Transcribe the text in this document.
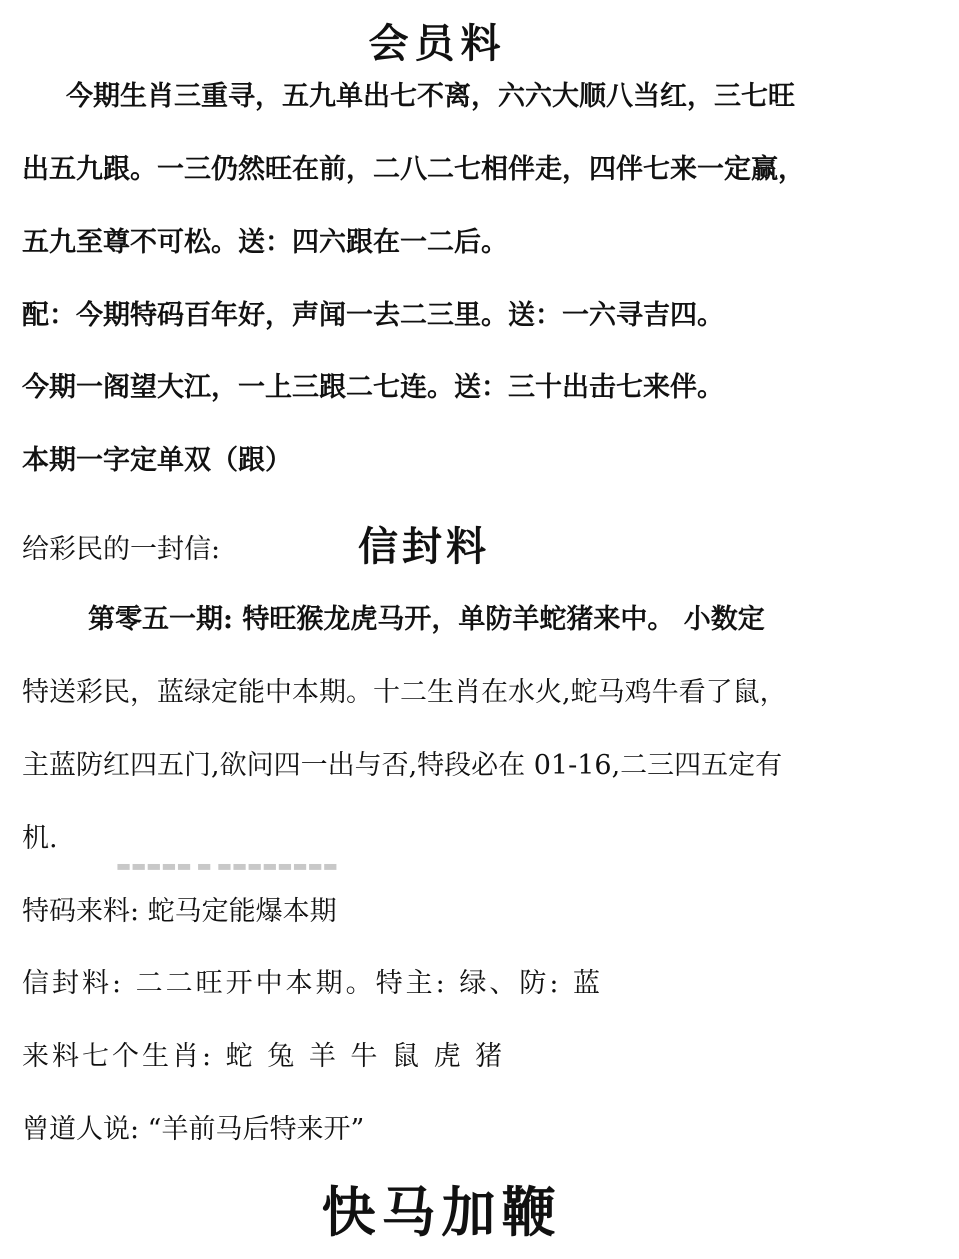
会员料
今期生肖三重寻，五九单出七不离，六六大顺八当红，三七旺
出五九跟。一三仍然旺在前，二八二七相伴走，四伴七来一定赢，
五九至尊不可松。送：四六跟在一二后。
配：今期特码百年好，声闻一去二三里。送：一六寻吉四。
今期一阁望大江，一上三跟二七连。送：三十出击七来伴。
本期一字定单双（跟）
给彩民的一封信:	信封料
第零五一期: 特旺猴龙虎马开，单防羊蛇猪来中。 小数定
特送彩民，蓝绿定能中本期。十二生肖在水火,蛇马鸡牛看了鼠，
主蓝防红四五门,欲问四一出与否,特段必在 01-16,二三四五定有
机.
▬▬▬▬▬ ▬ ▬▬▬▬▬▬▬▬
特码来料: 蛇马定能爆本期
信封料: 二二旺开中本期。特主: 绿、防: 蓝
来料七个生肖: 蛇 兔 羊 牛 鼠 虎 猪
曾道人说: “羊前马后特来开”
快马加鞭
